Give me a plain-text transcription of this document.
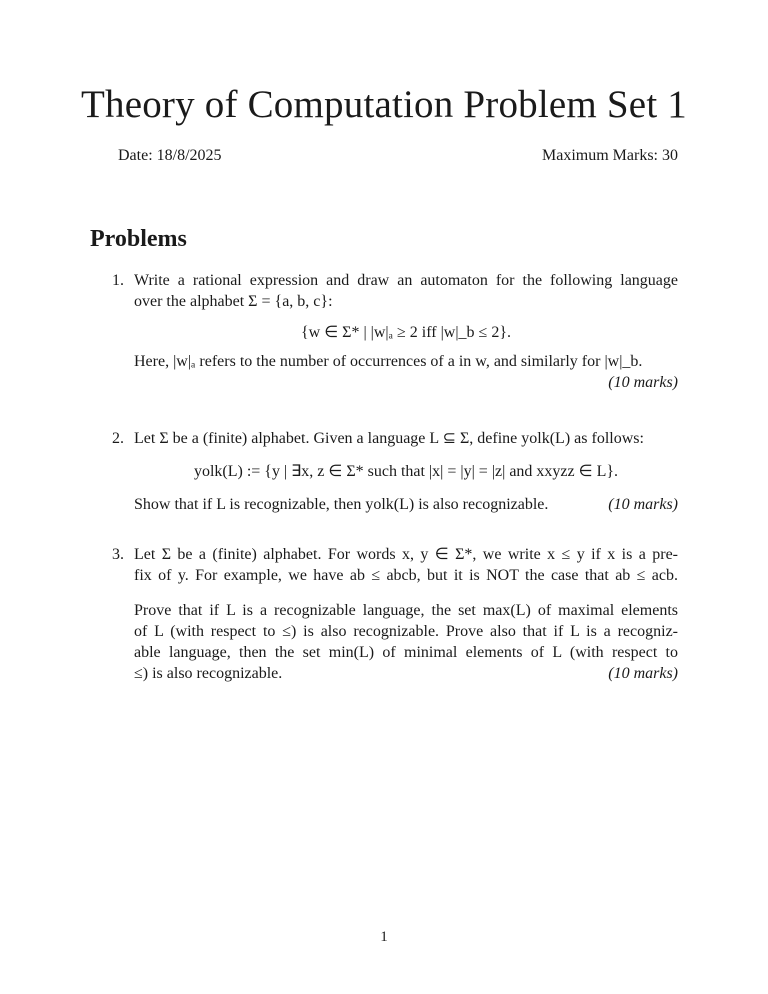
Theory of Computation Problem Set 1
Date: 18/8/2025	Maximum Marks: 30
Problems
1. Write a rational expression and draw an automaton for the following language
over the alphabet Σ = {a, b, c}:
{w ∈ Σ* | |w|ₐ ≥ 2 iff |w|_b ≤ 2}.
Here, |w|ₐ refers to the number of occurrences of a in w, and similarly for |w|_b.
(10 marks)
2. Let Σ be a (finite) alphabet. Given a language L ⊆ Σ, define yolk(L) as follows:
yolk(L) := {y | ∃x, z ∈ Σ* such that |x| = |y| = |z| and xxyzz ∈ L}.
Show that if L is recognizable, then yolk(L) is also recognizable.	(10 marks)
3. Let Σ be a (finite) alphabet. For words x, y ∈ Σ*, we write x ≤ y if x is a pre-
fix of y. For example, we have ab ≤ abcb, but it is NOT the case that ab ≤ acb.
Prove that if L is a recognizable language, the set max(L) of maximal elements
of L (with respect to ≤) is also recognizable. Prove also that if L is a recogniz-
able language, then the set min(L) of minimal elements of L (with respect to
≤) is also recognizable.	(10 marks)
1
